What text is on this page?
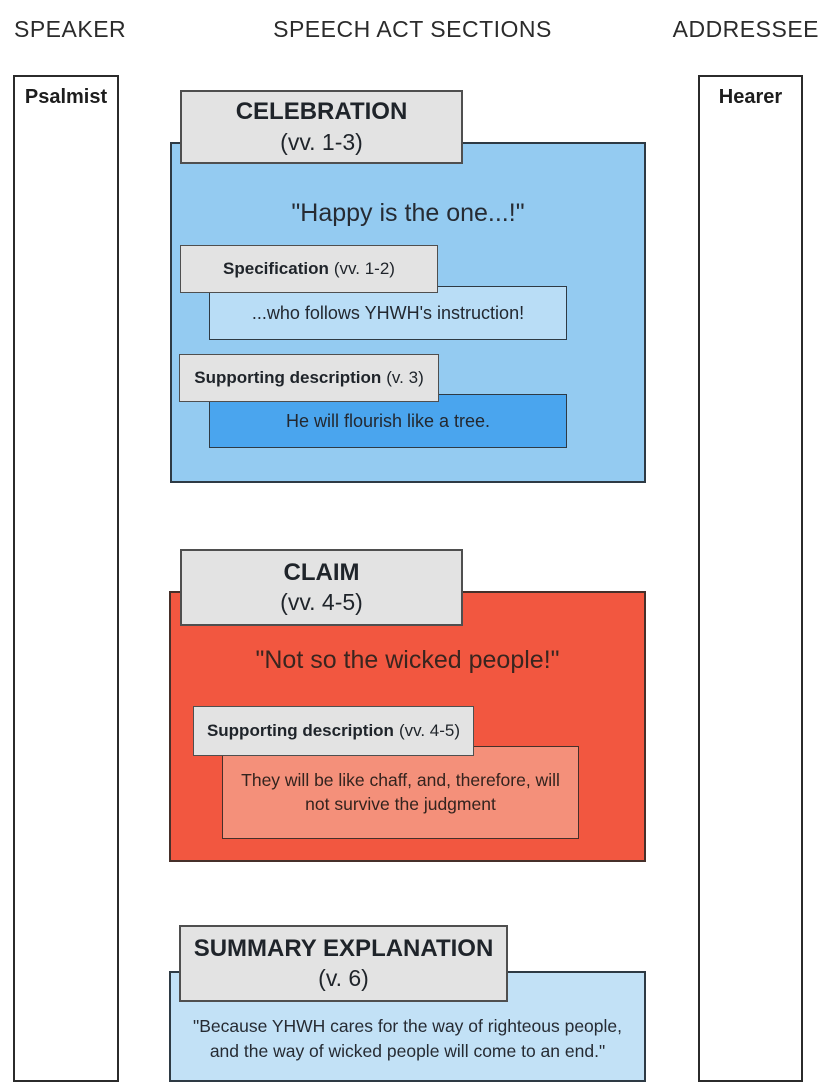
SPEAKER	SPEECH ACT SECTIONS	ADDRESSEE
Psalmist	Hearer
"Happy is the one...!"
...who follows YHWH's instruction!
Specification (vv. 1-2)
He will flourish like a tree.
Supporting description (v. 3)
CELEBRATION
(vv. 1-3)
"Not so the wicked people!"
They will be like chaff, and, therefore, will not survive the judgment
Supporting description (vv. 4-5)
CLAIM
(vv. 4-5)
"Because YHWH cares for the way of righteous people, and the way of wicked people will come to an end."
SUMMARY EXPLANATION
(v. 6)
